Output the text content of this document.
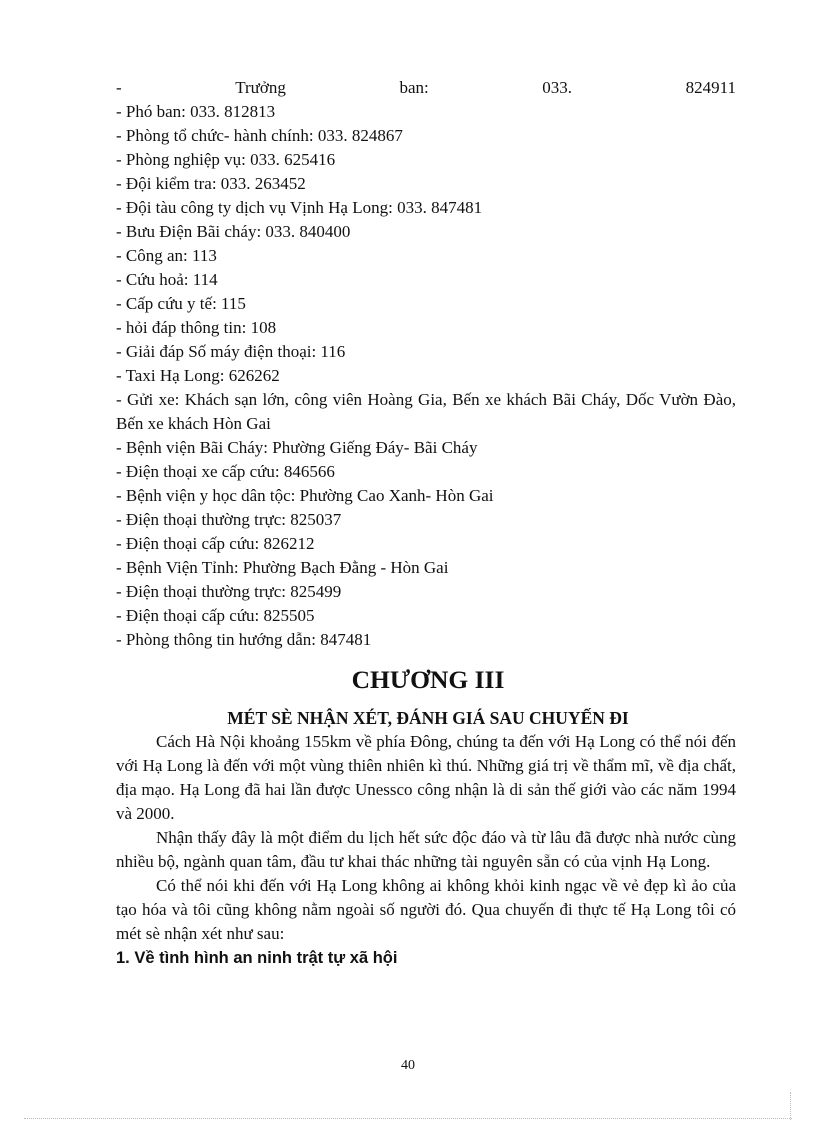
-	Trưởng	ban:	033.	824911

- Phó ban: 033. 812813

- Phòng tổ chức- hành chính: 033. 824867

- Phòng nghiệp vụ: 033. 625416

- Đội kiểm tra: 033. 263452

- Đội tàu công ty dịch vụ Vịnh Hạ Long: 033. 847481

- Bưu Điện Bãi cháy: 033. 840400

- Công an: 113

- Cứu hoả: 114

- Cấp cứu y tế: 115

- hỏi đáp thông tin: 108

- Giải đáp Số máy điện thoại: 116

- Taxi Hạ Long: 626262

- Gửi xe: Khách sạn lớn, công viên Hoàng Gia, Bến xe khách Bãi Cháy, Dốc Vườn Đào, Bến xe khách Hòn Gai

- Bệnh viện Bãi Cháy: Phường Giếng Đáy- Bãi Cháy

- Điện thoại xe cấp cứu: 846566

- Bệnh viện y học dân tộc: Phường Cao Xanh- Hòn Gai

- Điện thoại thường trực: 825037

- Điện thoại cấp cứu: 826212

- Bệnh Viện Tỉnh: Phường Bạch Đằng - Hòn Gai

- Điện thoại thường trực: 825499

- Điện thoại cấp cứu: 825505

- Phòng thông tin hướng dẫn: 847481

CHƯƠNG III
MÉT SÈ NHẬN XÉT, ĐÁNH GIÁ SAU CHUYẾN ĐI

Cách Hà Nội khoảng 155km về phía Đông, chúng ta đến với Hạ Long có thể nói đến với Hạ Long là đến với một vùng thiên nhiên kì thú. Những giá trị về thẩm mĩ, về địa chất, địa mạo. Hạ Long đã hai lần được Unessco công nhận là di sản thế giới vào các năm 1994 và 2000.

Nhận thấy đây là một điểm du lịch hết sức độc đáo và từ lâu đã được nhà nước cùng nhiều bộ, ngành quan tâm, đầu tư khai thác những tài nguyên sẵn có của vịnh Hạ Long.

Có thể nói khi đến với Hạ Long không ai không khỏi kinh ngạc về vẻ đẹp kì ảo của tạo hóa và tôi cũng không nằm ngoài số người đó. Qua chuyến đi thực tế Hạ Long tôi có mét sè nhận xét như sau:

1. Về tình hình an ninh trật tự xã hội

40
